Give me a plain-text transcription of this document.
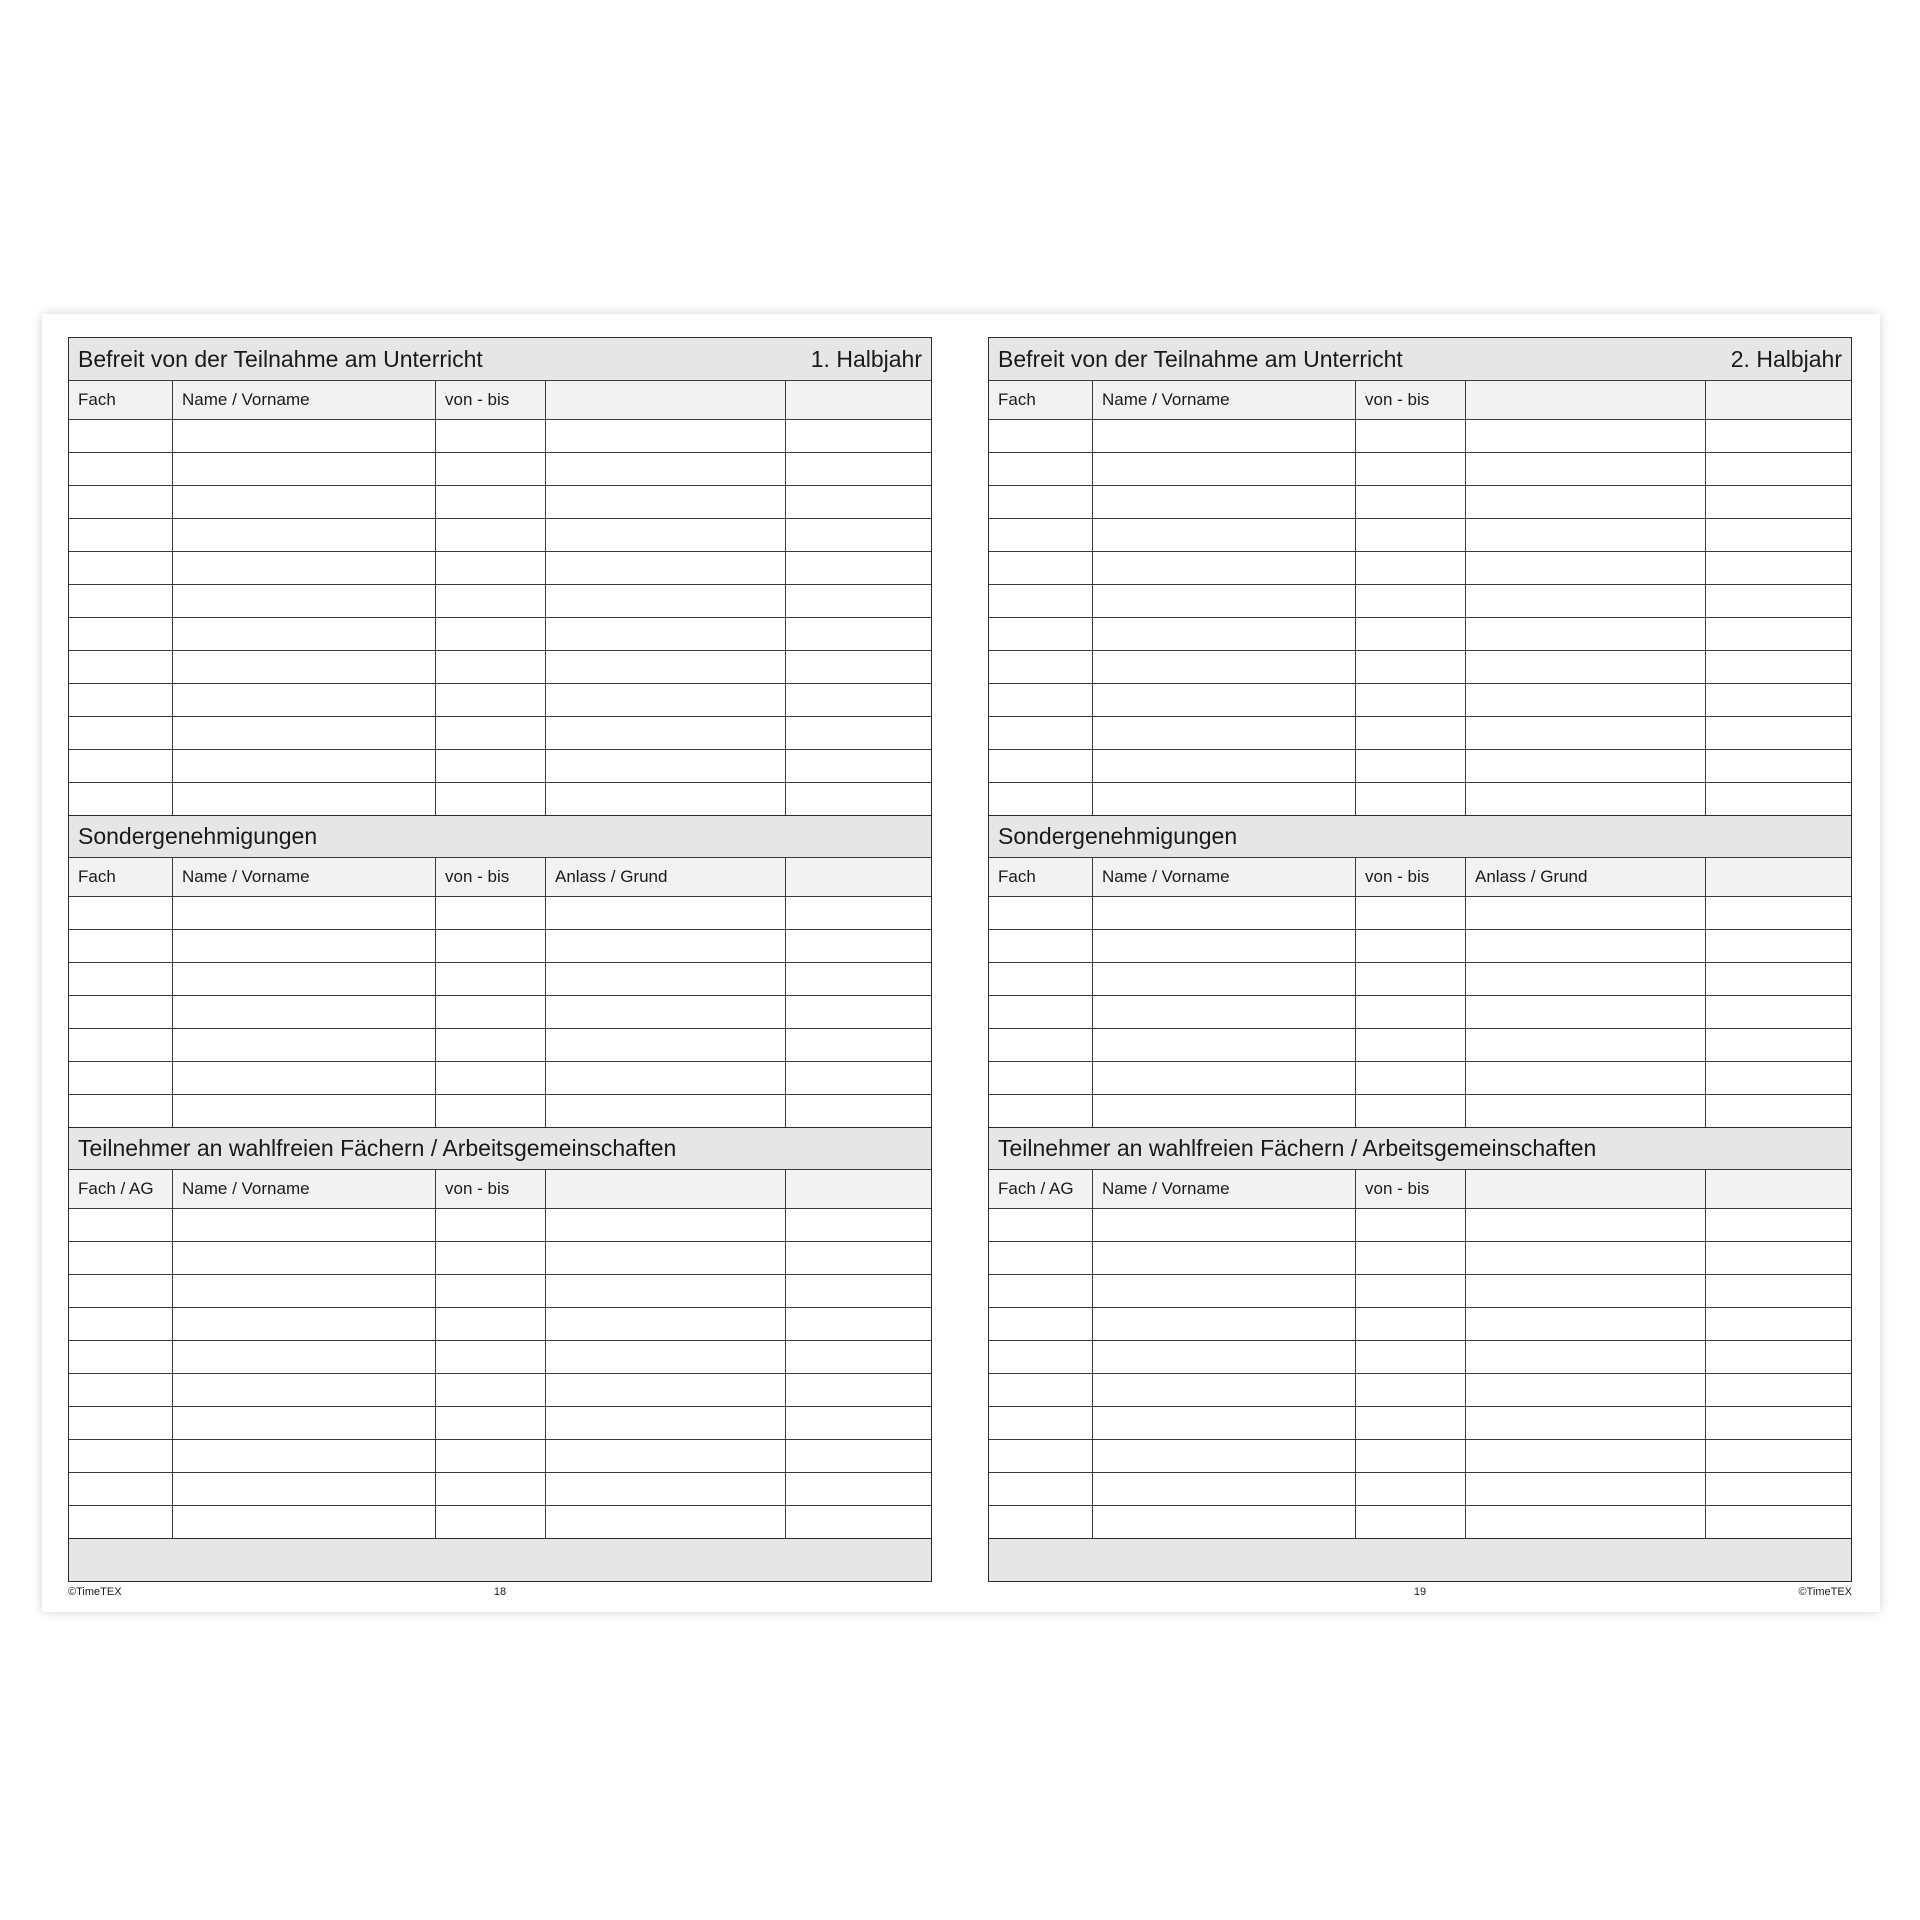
Befreit von der Teilnahme am Unterricht	1. Halbjahr
Fach	Name / Vorname	von - bis
Sondergenehmigungen
Fach	Name / Vorname	von - bis	Anlass / Grund
Teilnehmer an wahlfreien Fächern / Arbeitsgemeinschaften
Fach / AG	Name / Vorname	von - bis
©TimeTEX	18
Befreit von der Teilnahme am Unterricht	2. Halbjahr
Fach	Name / Vorname	von - bis
Sondergenehmigungen
Fach	Name / Vorname	von - bis	Anlass / Grund
Teilnehmer an wahlfreien Fächern / Arbeitsgemeinschaften
Fach / AG	Name / Vorname	von - bis
19	©TimeTEX
